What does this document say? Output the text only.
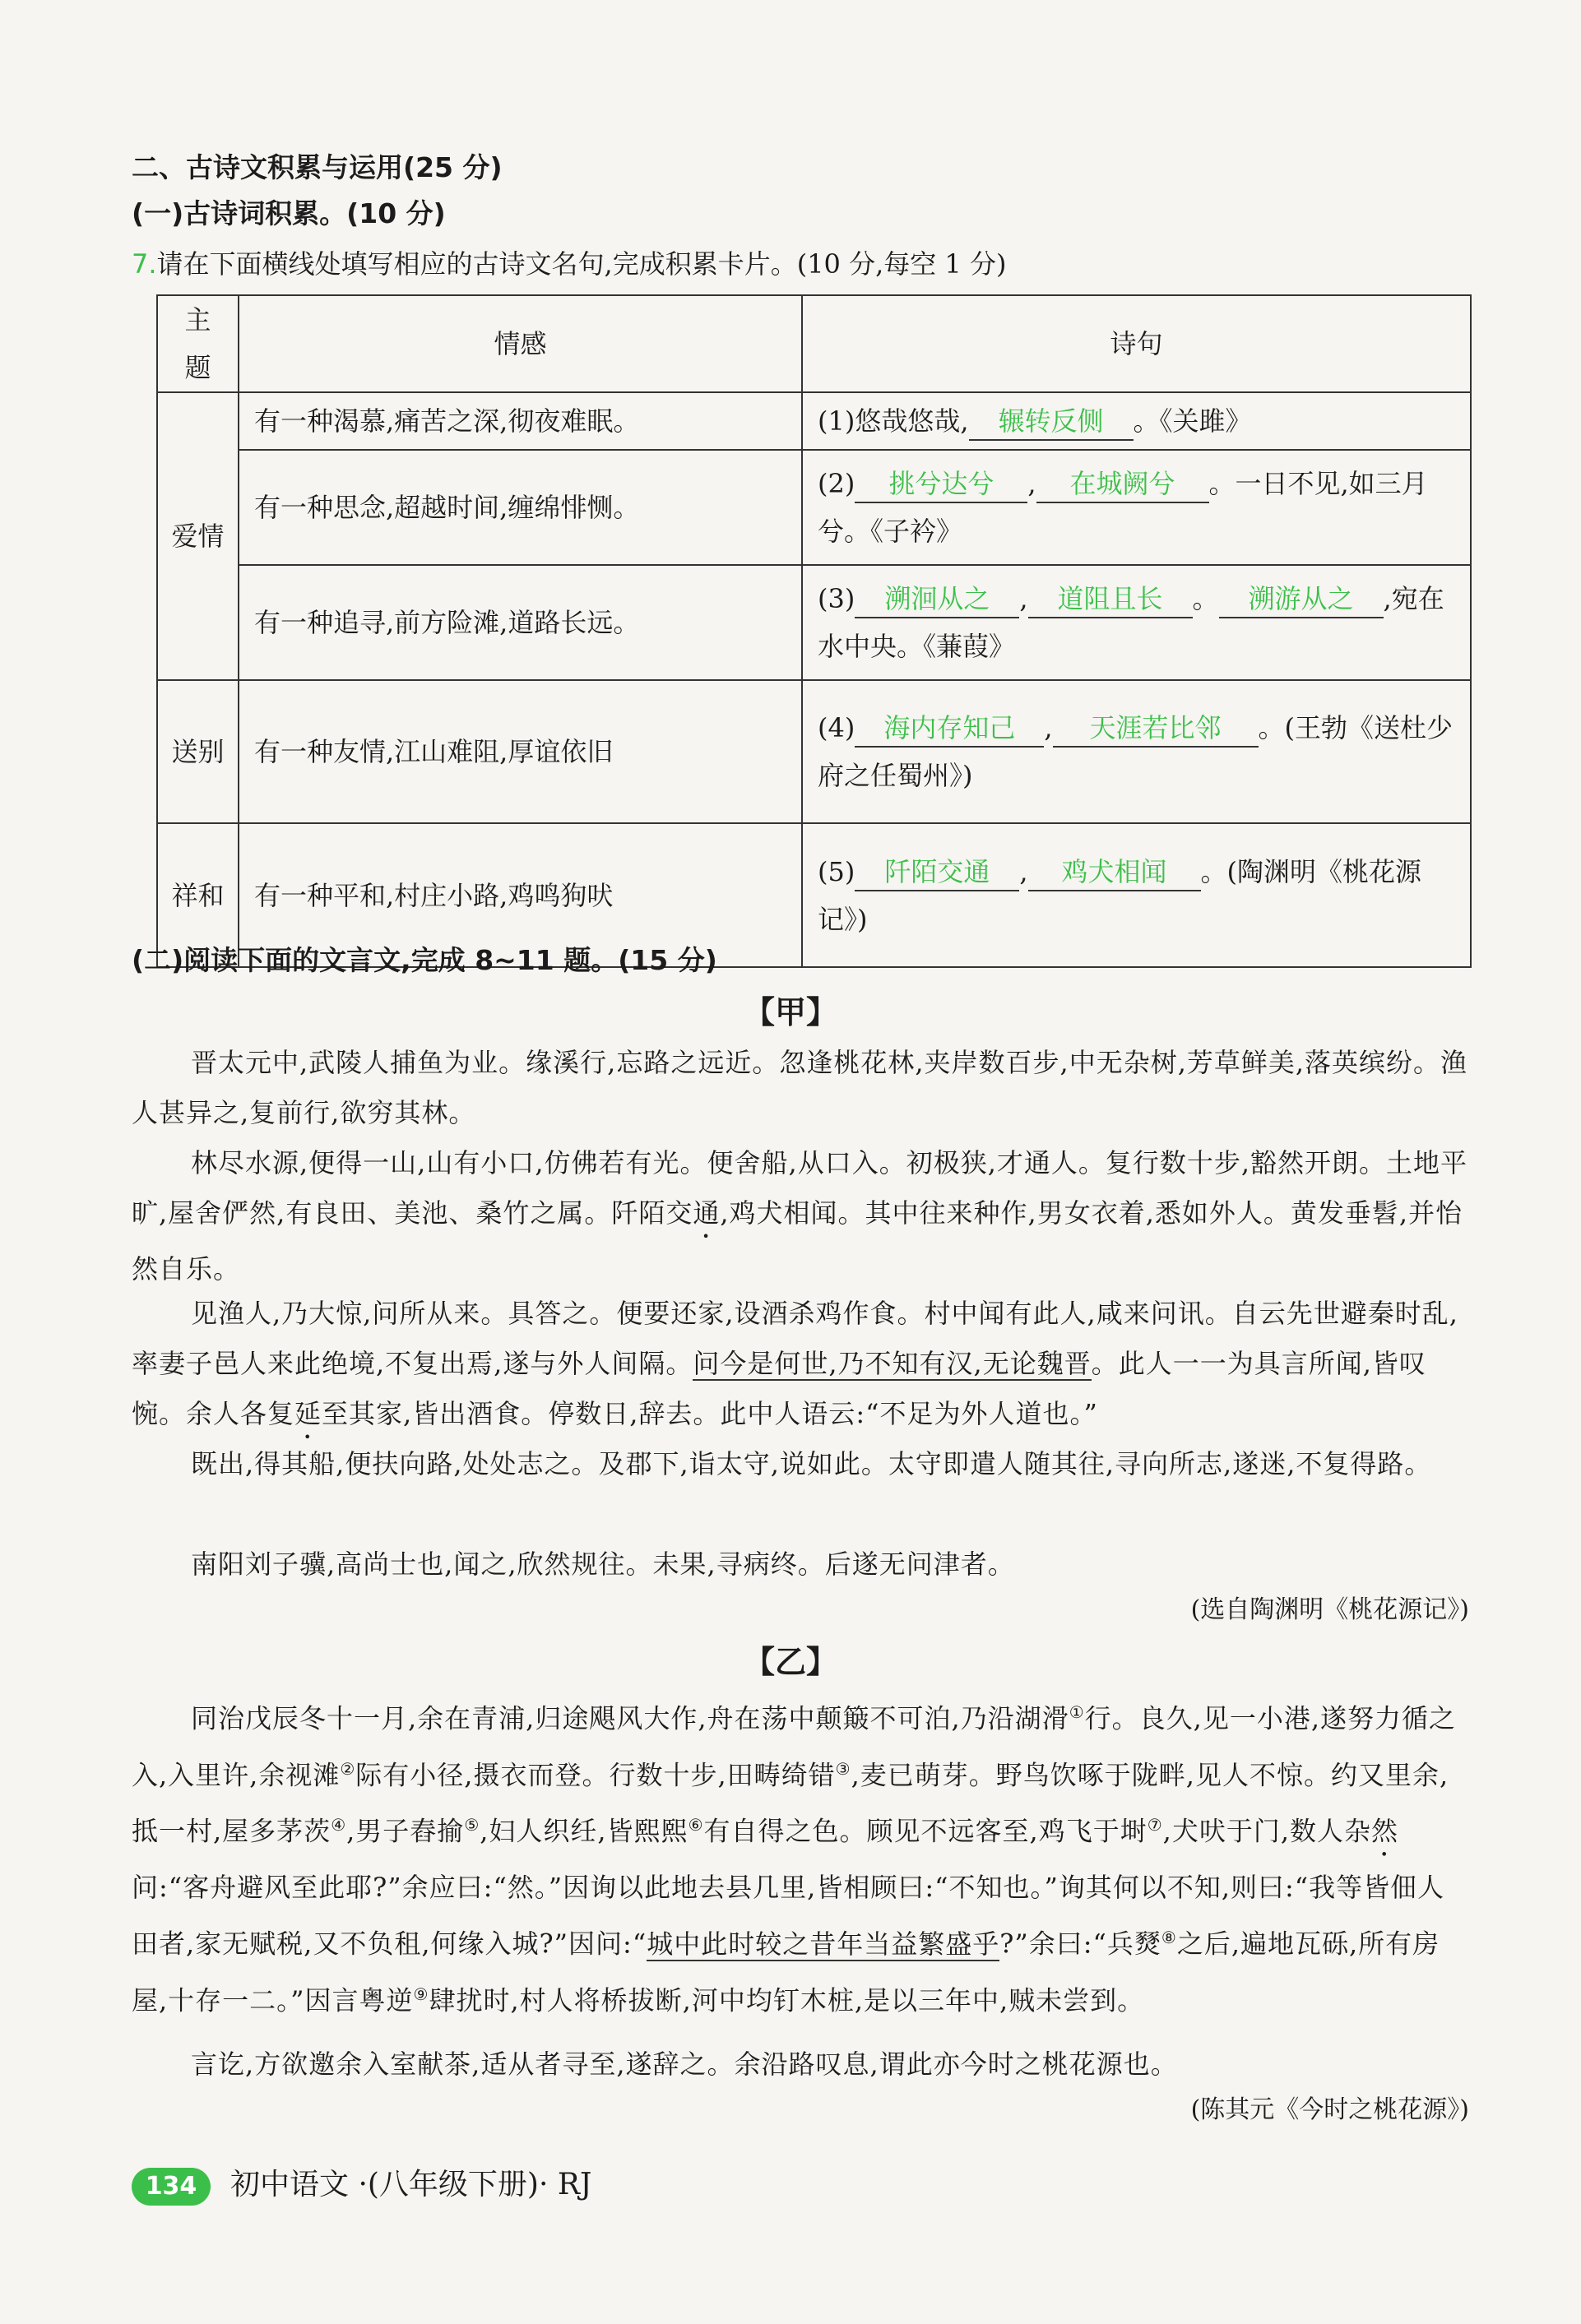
二、古诗文积累与运用(25 分)
(一)古诗词积累。(10 分)
7.请在下面横线处填写相应的古诗文名句,完成积累卡片。(10 分,每空 1 分)
主题	情感	诗句
爱情	有一种渴慕,痛苦之深,彻夜难眠。	(1)悠哉悠哉, 辗转反侧 。《关雎》
	有一种思念,超越时间,缠绵悱恻。	(2) 挑兮达兮 , 在城阙兮 。一日不见,如三月兮。《子衿》
	有一种追寻,前方险滩,道路长远。	(3) 溯洄从之 , 道阻且长 。 溯游从之 ,宛在水中央。《蒹葭》
送别	有一种友情,江山难阻,厚谊依旧	(4) 海内存知己 , 天涯若比邻 。(王勃《送杜少府之任蜀州》)
祥和	有一种平和,村庄小路,鸡鸣狗吠	(5) 阡陌交通 , 鸡犬相闻 。(陶渊明《桃花源记》)
(二)阅读下面的文言文,完成 8~11 题。(15 分)
【甲】
晋太元中,武陵人捕鱼为业。缘溪行,忘路之远近。忽逢桃花林,夹岸数百步,中无杂树,芳草鲜美,落英缤纷。渔人甚异之,复前行,欲穷其林。
林尽水源,便得一山,山有小口,仿佛若有光。便舍船,从口入。初极狭,才通人。复行数十步,豁然开朗。土地平旷,屋舍俨然,有良田、美池、桑竹之属。阡陌交通,鸡犬相闻。其中往来种作,男女衣着,悉如外人。黄发垂髫,并怡然自乐。
见渔人,乃大惊,问所从来。具答之。便要还家,设酒杀鸡作食。村中闻有此人,咸来问讯。自云先世避秦时乱,率妻子邑人来此绝境,不复出焉,遂与外人间隔。问今是何世,乃不知有汉,无论魏晋。此人一一为具言所闻,皆叹惋。余人各复延至其家,皆出酒食。停数日,辞去。此中人语云:“不足为外人道也。”
既出,得其船,便扶向路,处处志之。及郡下,诣太守,说如此。太守即遣人随其往,寻向所志,遂迷,不复得路。
南阳刘子骥,高尚士也,闻之,欣然规往。未果,寻病终。后遂无问津者。
(选自陶渊明《桃花源记》)
【乙】
同治戊辰冬十一月,余在青浦,归途飓风大作,舟在荡中颠簸不可泊,乃沿湖滑①行。良久,见一小港,遂努力循之入,入里许,余视滩②际有小径,摄衣而登。行数十步,田畴绮错③,麦已萌芽。野鸟饮啄于陇畔,见人不惊。约又里余,抵一村,屋多茅茨④,男子舂揄⑤,妇人织纴,皆熙熙⑥有自得之色。顾见不远客至,鸡飞于埘⑦,犬吠于门,数人杂然问:“客舟避风至此耶?”余应曰:“然。”因询以此地去县几里,皆相顾曰:“不知也。”询其何以不知,则曰:“我等皆佃人田者,家无赋税,又不负租,何缘入城?”因问:“城中此时较之昔年当益繁盛乎?”余曰:“兵燹⑧之后,遍地瓦砾,所有房屋,十存一二。”因言粤逆⑨肆扰时,村人将桥拔断,河中均钉木桩,是以三年中,贼未尝到。
言讫,方欲邀余入室献茶,适从者寻至,遂辞之。余沿路叹息,谓此亦今时之桃花源也。
(陈其元《今时之桃花源》)
134 初中语文 ·(八年级下册)· RJ
